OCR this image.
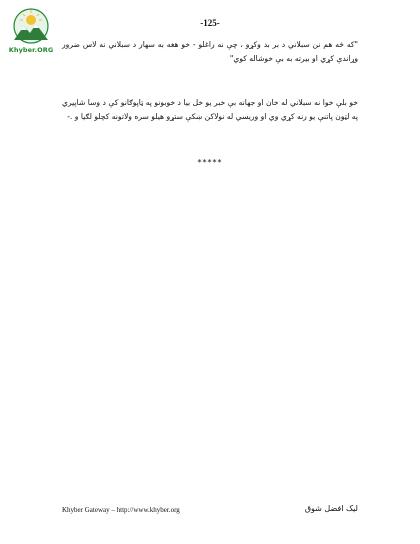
Khyber.ORG
-125-

"كه څه هم نن سبلاني د بر بد وكړو ، چې نه راغلو - خو هغه به سهار د سبلاني نه لاس ضرور وړاندې كړي او بيرته به بې خوشاله كوي"

خو بلې خوا نه سبلاني له خان او جهانه بې خبر يو خل بيا د خوبونو په ټاپوګانو كې د وسا شاپيري په لټون پاتنې يو رنه كړي وي او وريسي له نولاكن ښكې ستړو هيلو سره ولاتونه كچلو لګيا و .-

*****
Khyber Gateway – http://www.khyber.org	ليک افضل شوق
